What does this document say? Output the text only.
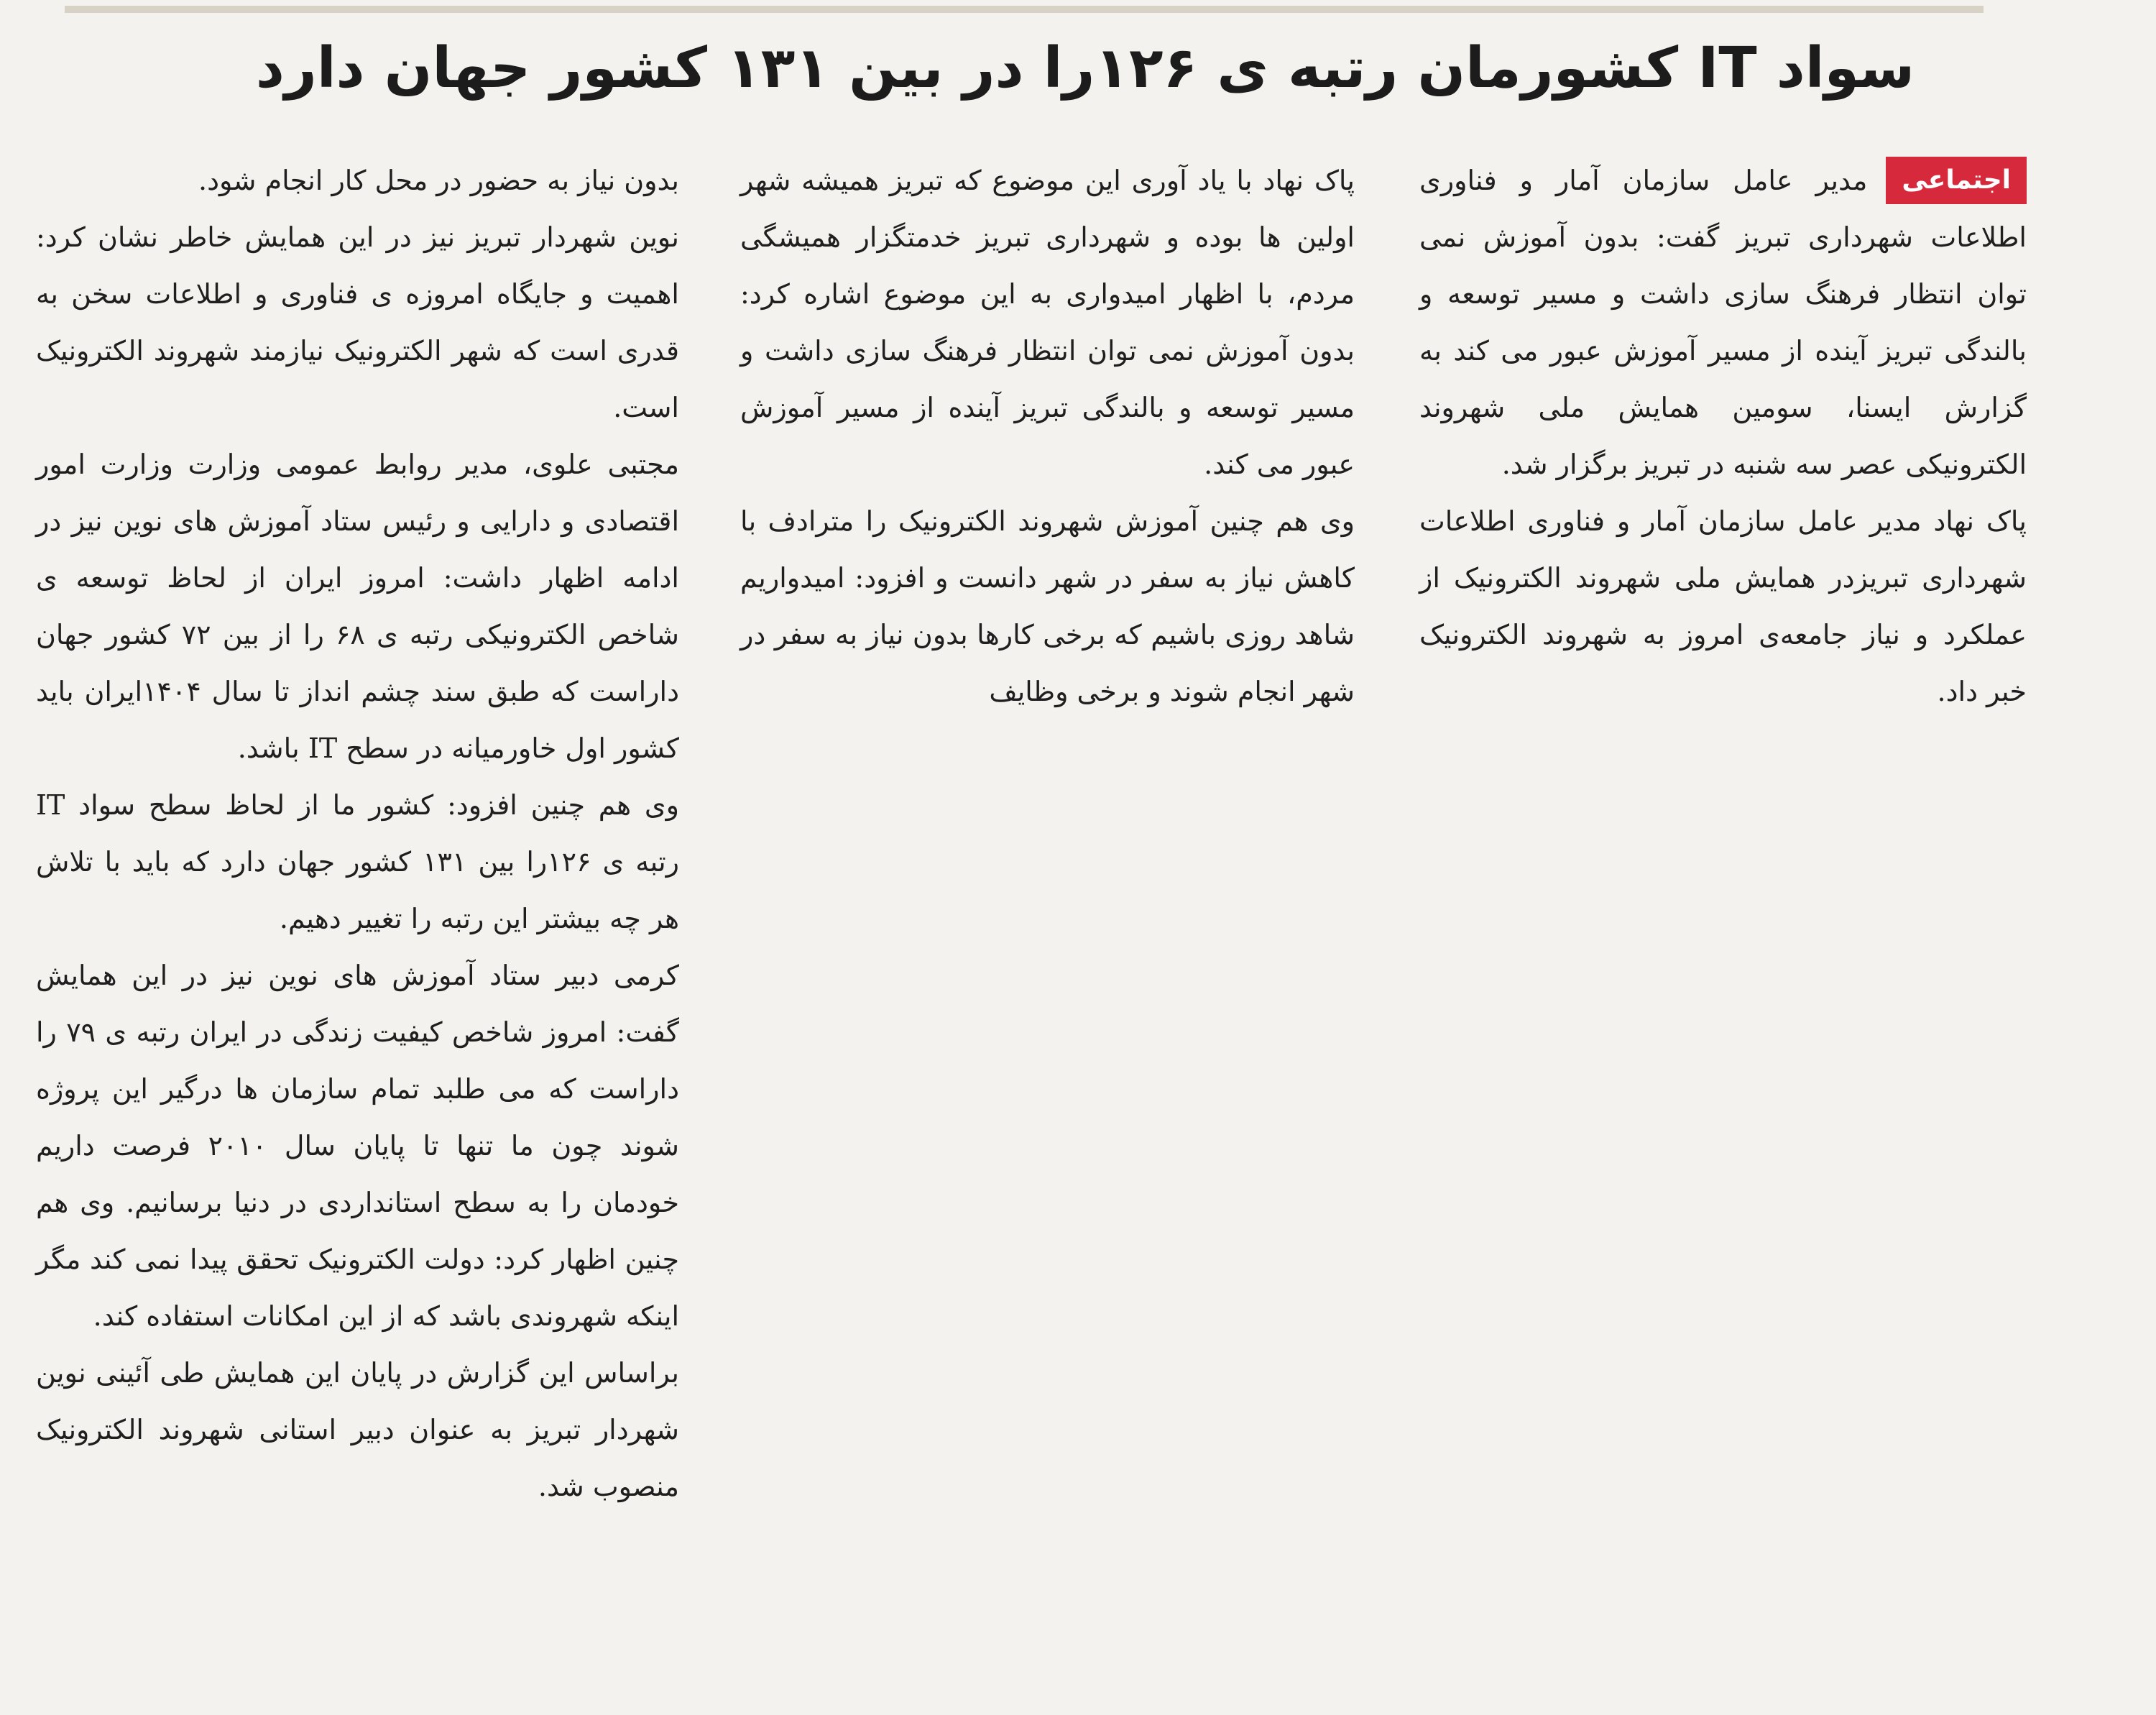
سواد IT کشورمان رتبه ی ۱۲۶را در بین ۱۳۱ کشور جهان دارد
اجتماعی

مدیر عامل سازمان آمار و فناوری اطلاعات شهرداری تبریز گفت: بدون آموزش نمی توان انتظار فرهنگ سازی داشت و مسیر توسعه و بالندگی تبریز آینده از مسیر آموزش عبور می کند به گزارش ایسنا، سومین همایش ملی شهروند الکترونیکی عصر سه شنبه در تبریز برگزار شد.

پاک نهاد مدیر عامل سازمان آمار و فناوری اطلاعات شهرداری تبریزدر همایش ملی شهروند الکترونیک از عملکرد و نیاز جامعه‌ی امروز به شهروند الکترونیک خبر داد.

پاک نهاد با یاد آوری این موضوع که تبریز همیشه شهر اولین ها بوده و شهرداری تبریز خدمتگزار همیشگی مردم، با اظهار امیدواری به این موضوع اشاره کرد: بدون آموزش نمی توان انتظار فرهنگ سازی داشت و مسیر توسعه و بالندگی تبریز آینده از مسیر آموزش عبور می کند.

وی هم چنین آموزش شهروند الکترونیک را مترادف با کاهش نیاز به سفر در شهر دانست و افزود: امیدواریم شاهد روزی باشیم که برخی کارها بدون نیاز به سفر در شهر انجام شوند و برخی وظایف

بدون نیاز به حضور در محل کار انجام شود.

نوین شهردار تبریز نیز در این همایش خاطر نشان کرد: اهمیت و جایگاه امروزه ی فناوری و اطلاعات سخن به قدری است که شهر الکترونیک نیازمند شهروند الکترونیک است.

مجتبی علوی، مدیر روابط عمومی وزارت وزارت امور اقتصادی و دارایی و رئیس ستاد آموزش های نوین نیز در ادامه اظهار داشت: امروز ایران از لحاظ توسعه ی شاخص الکترونیکی رتبه ی ۶۸ را از بین ۷۲ کشور جهان داراست که طبق سند چشم انداز تا سال ۱۴۰۴ایران باید کشور اول خاورمیانه در سطح IT باشد.

وی هم چنین افزود: کشور ما از لحاظ سطح سواد IT رتبه ی ۱۲۶را بین ۱۳۱ کشور جهان دارد که باید با تلاش هر چه بیشتر این رتبه را تغییر دهیم.

کرمی دبیر ستاد آموزش های نوین نیز در این همایش گفت: امروز شاخص کیفیت زندگی در ایران رتبه ی ۷۹ را داراست که می طلبد تمام سازمان ها درگیر این پروژه شوند چون ما تنها تا پایان سال ۲۰۱۰ فرصت داریم خودمان را به سطح استانداردی در دنیا برسانیم. وی هم چنین اظهار کرد: دولت الکترونیک تحقق پیدا نمی کند مگر اینکه شهروندی باشد که از این امکانات استفاده کند.

براساس این گزارش در پایان این همایش طی آئینی نوین شهردار تبریز به عنوان دبیر استانی شهروند الکترونیک منصوب شد.
